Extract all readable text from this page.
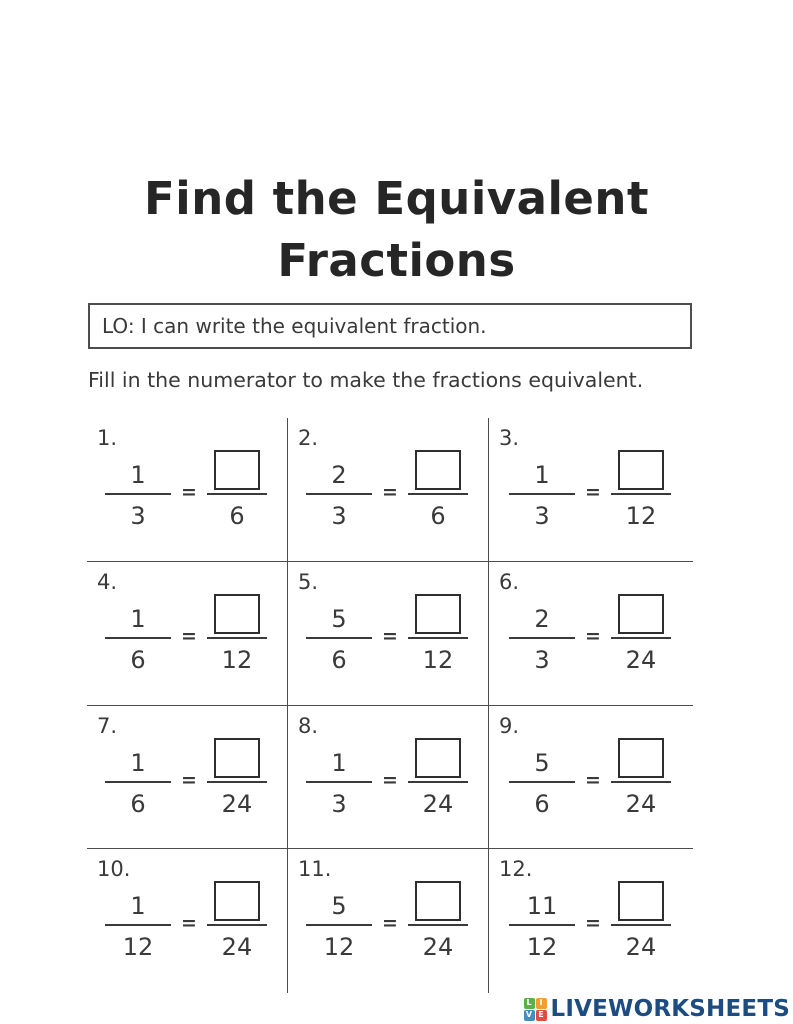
Find the Equivalent
Fractions
LO: I can write the equivalent fraction.

Fill in the numerator to make the fractions equivalent.

1.
$\frac{1}{3}$ =
6
2.
$\frac{2}{3}$ =
6
3.
$\frac{1}{3}$ =
12
4.
$\frac{1}{6}$ =
12
5.
$\frac{5}{6}$ =
12
6.
$\frac{2}{3}$ =
24
7.
$\frac{1}{6}$ =
24
8.
$\frac{1}{3}$ =
24
9.
$\frac{5}{6}$ =
24
10.
$\frac{1}{12}$ =
24
11.
$\frac{5}{12}$ =
24
12.
$\frac{11}{12}$ =
24
L I
V E LIVEWORKSHEETS
